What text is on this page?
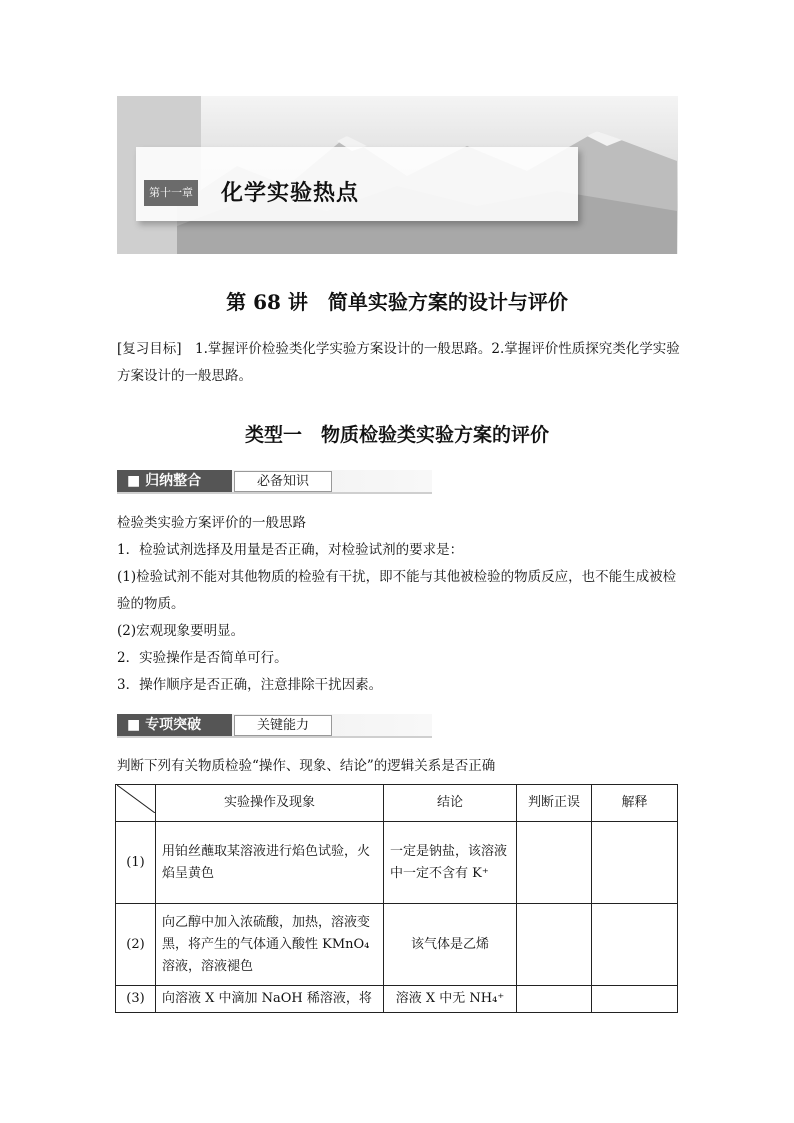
第十一章 化学实验热点
第 68 讲　简单实验方案的设计与评价
[复习目标]　 1.掌握评价检验类化学实验方案设计的一般思路。2.掌握评价性质探究类化学实验方案设计的一般思路。
类型一　物质检验类实验方案的评价
■ 归纳整合	必备知识

检验类实验方案评价的一般思路

1．检验试剂选择及用量是否正确，对检验试剂的要求是：

(1)检验试剂不能对其他物质的检验有干扰，即不能与其他被检验的物质反应，也不能生成被检验的物质。

(2)宏观现象要明显。

2．实验操作是否简单可行。

3．操作顺序是否正确，注意排除干扰因素。

■ 专项突破	关键能力
判断下列有关物质检验“操作、现象、结论”的逻辑关系是否正确
	实验操作及现象	结论	判断正误	解释
(1)	用铂丝蘸取某溶液进行焰色试验，火焰呈黄色	一定是钠盐，该溶液中一定不含有 K⁺		
(2)	向乙醇中加入浓硫酸，加热，溶液变黑，将产生的气体通入酸性 KMnO₄ 溶液，溶液褪色	该气体是乙烯		
(3)	向溶液 X 中滴加 NaOH 稀溶液，将	溶液 X 中无 NH₄⁺		
